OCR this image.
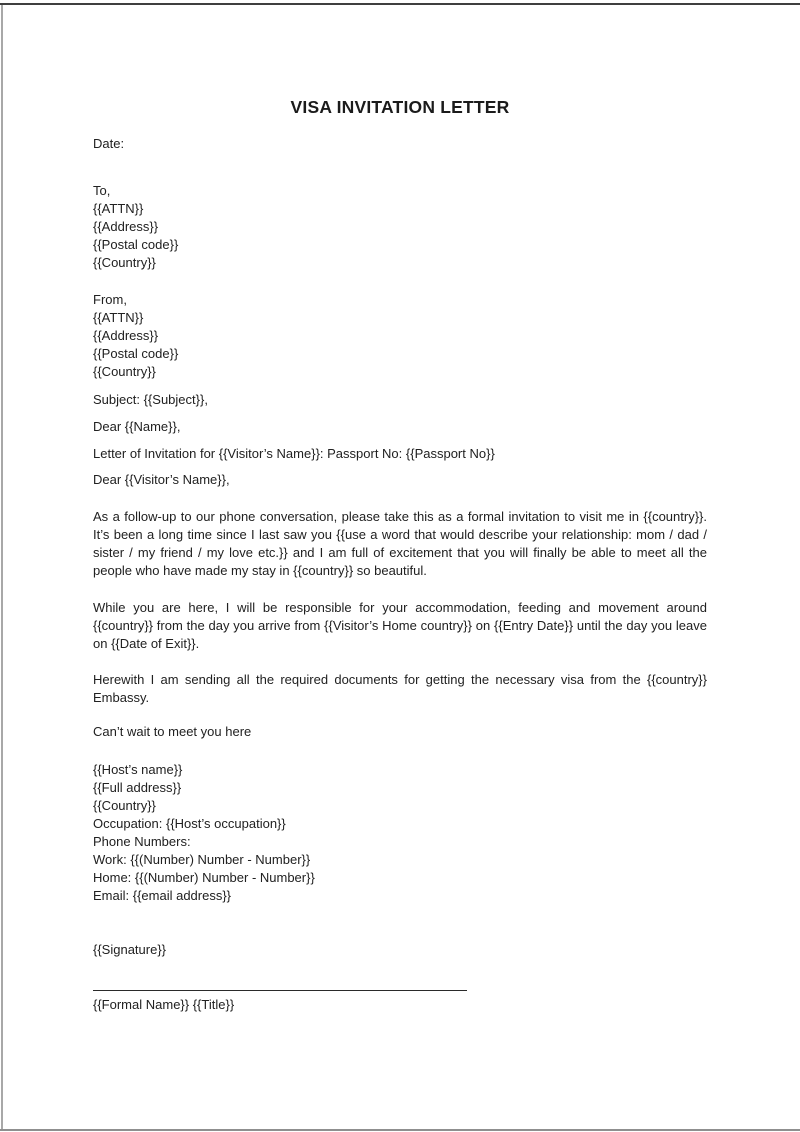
VISA INVITATION LETTER
Date:
To,
{{ATTN}}
{{Address}}
{{Postal code}}
{{Country}}
From,
{{ATTN}}
{{Address}}
{{Postal code}}
{{Country}}
Subject: {{Subject}},
Dear {{Name}},
Letter of Invitation for {{Visitor’s Name}}: Passport No: {{Passport No}}
Dear {{Visitor’s Name}},
As a follow-up to our phone conversation, please take this as a formal invitation to visit me in {{country}}. It’s been a long time since I last saw you {{use a word that would describe your relationship: mom / dad / sister / my friend / my love etc.}} and I am full of excitement that you will finally be able to meet all the people who have made my stay in {{country}} so beautiful.
While you are here, I will be responsible for your accommodation, feeding and movement around {{country}} from the day you arrive from {{Visitor’s Home country}} on {{Entry Date}} until the day you leave on {{Date of Exit}}.
Herewith I am sending all the required documents for getting the necessary visa from the {{country}} Embassy.
Can’t wait to meet you here
{{Host’s name}}
{{Full address}}
{{Country}}
Occupation: {{Host’s occupation}}
Phone Numbers:
Work: {{(Number) Number - Number}}
Home: {{(Number) Number - Number}}
Email: {{email address}}
{{Signature}}
{{Formal Name}} {{Title}}
